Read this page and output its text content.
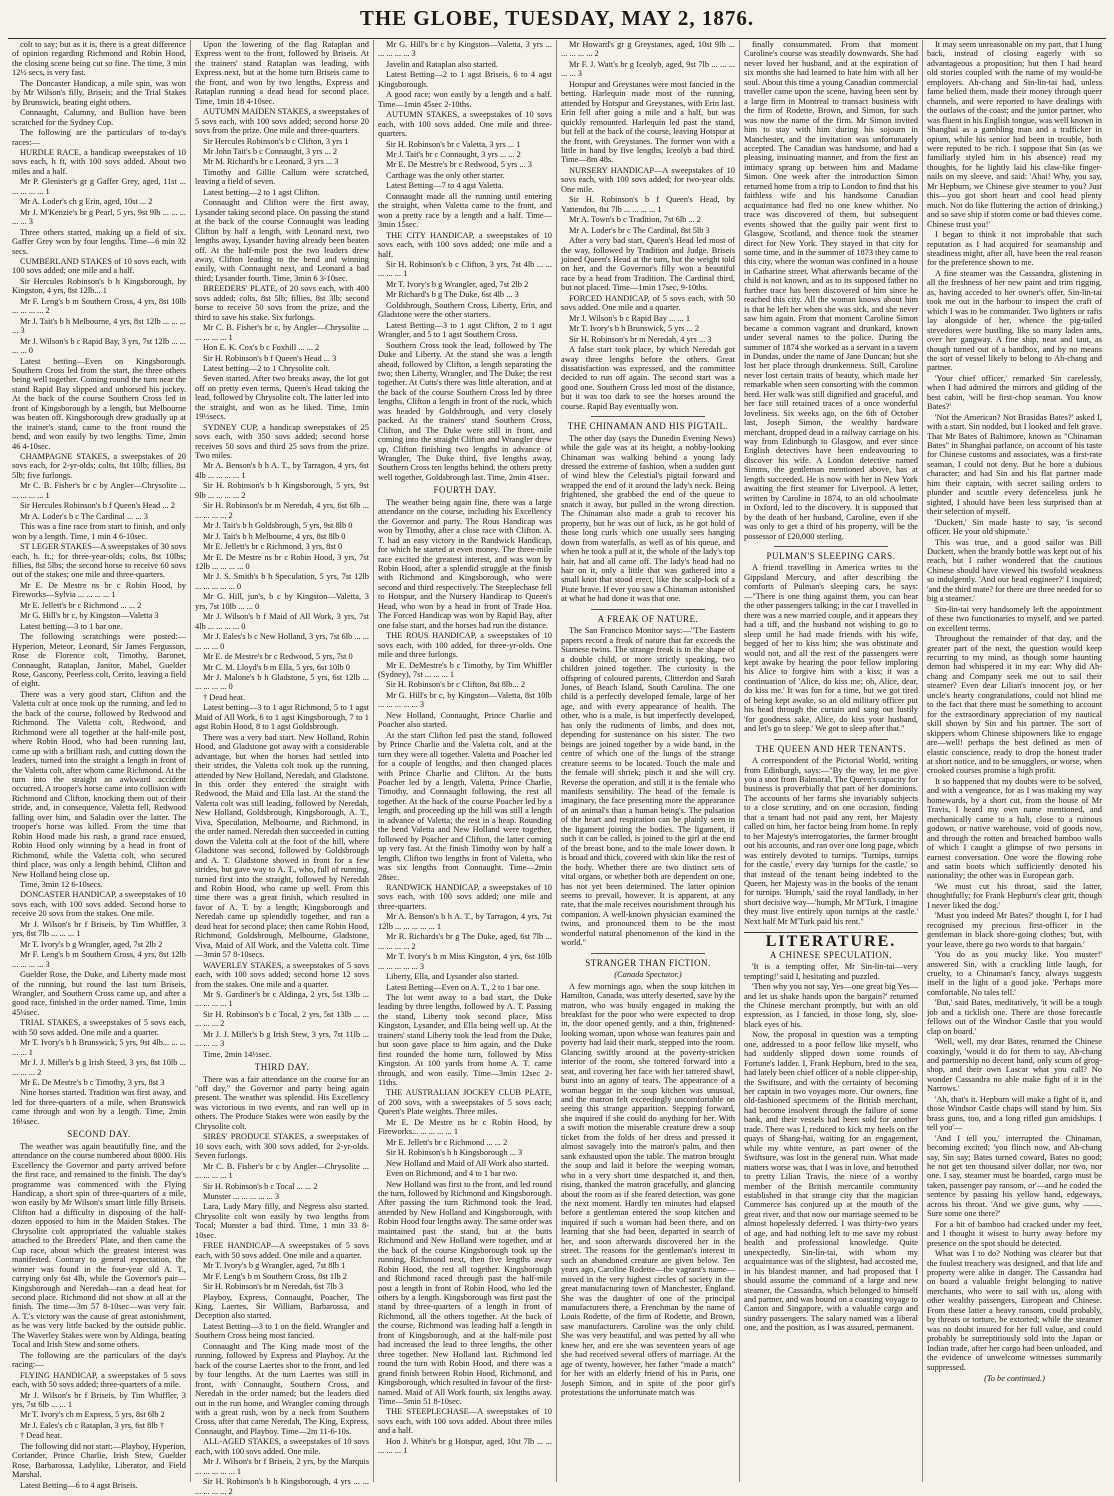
THE GLOBE, TUESDAY, MAY 2, 1876.

colt to say; but as it is, there is a great difference of opinion regarding Richmond and Robin Hood, the closing scene being cut so fine. The time, 3 min 12½ secs, is very fast.

The Doncaster Handicap, a mile spin, was won by Mr Wilson's filly, Briseis; and the Trial Stakes by Brunswick, beating eight others.

Connaught, Calumny, and Bullion have been scratched for the Sydney Cup.

The following are the particulars of to-day's races:—

HURDLE RACE, a handicap sweepstakes of 10 sovs each, h ft, with 100 sovs added. About two miles and a half.

Mr P. Glenister's gr g Gaffer Grey, aged, 11st ... ... ... ... ... 1

Mr A. Loder's ch g Erin, aged, 10st ... 2

Mr J. M'Kenzie's br g Pearl, 5 yrs, 9st 9lb ... ... ... ... ... 3

Three others started, making up a field of six. Gaffer Grey won by four lengths. Time—6 min 32 secs.

CUMBERLAND STAKES of 10 sovs each, with 100 sovs added; one mile and a half.

Sir Hercules Robinson's b h Kingsborough, by Kingston, 4 yrs, 8st 12lb... 1

Mr F. Leng's b m Southern Cross, 4 yrs, 8st 10lb ... ... ... ... 2

Mr J. Tait's b h Melbourne, 4 yrs, 8st 12lb ... ... ... ... 3

Mr J. Wilson's b c Rapid Bay, 3 yrs, 7st 12lb ... ... ... ... 0

Latest betting—Even on Kingsborough. Southern Cross led from the start, the three others being well together. Coming round the turn near the stand Rapid Bay slipped and unhorsed his jockey. At the back of the course Southern Cross led in front of Kingsborough by a length, but Melbourne was beaten off. Kingsborough drew gradually up at the trainer's stand, came to the front round the bend, and won easily by two lengths. Time, 2min 46 4-10sec.

CHAMPAGNE STAKES, a sweepstakes of 20 sovs each, for 2-yr-olds; colts, 8st 10lb; fillies, 8st 5lb; five furlongs.

Mr C. B. Fisher's br c by Angler—Chrysolite ... ... ... ... ... 1

Sir Hercules Robinson's b f Queen's Head ... 2

Mr A. Loder's b c The Cardinal ... ... 3

This was a fine race from start to finish, and only won by a length. Time, 1 min 4 6-10sec.

ST LEGER STAKES—A sweepstakes of 30 sovs each, h. ft.; for three-year-olds; colts, 8st 10lbs; fillies, 8st 5lbs; the second horse to receive 60 sovs out of the stakes; one mile and three-quarters.

Mr E. De Mestre ns br c Robin Hood, by Fireworks—Sylvia ... ... ... ... 1

Mr E. Jellett's br c Richmond ... ... 2

Mr G. Hill's br c, by Kingston—Valetta 3

Latest betting—3 to 1 bar one.

The following scratchings were posted:—Hyperion, Meteor, Leonard, Sir James Fergusson, Rose de Florence colt, Timothy, Baronet, Connaught, Rataplan, Janitor, Mabel, Guelder Rose, Gascony, Peerless colt, Cerito, leaving a field of eight.

There was a very good start, Clifton and the Valetta colt at once took up the running, and led to the back of the course, followed by Redwood and Richmond. The Valetta colt, Redwood, and Richmond were all together at the half-mile post, where Robin Hood, who had been running last, came up with a brilliant rush, and cutting down the leaders, turned into the straight a length in front of the Valetta colt, after whom came Richmond. At the turn into the straight an awkward accident occurred. A trooper's horse came into collision with Richmond and Clifton, knocking them out of their stride, and, in consequence, Valetta fell, Redwood falling over him, and Saladin over the latter. The trooper's horse was killed. From the time that Robin Hood made his rush, a grand race ensued, Robin Hood only winning by a head in front of Richmond, while the Valetta colt, who secured third place, was only a length behind, Clifton and New Holland being close up.

Time, 3min 12 6-10secs.

DONCASTER HANDICAP, a sweepstakes of 10 sovs each, with 100 sovs added. Second horse to receive 20 sovs from the stakes. One mile.

Mr J. Wilson's br f Briseis, by Tim Whiffler, 3 yrs, 8st 7lb ... ... ... 1

Mr T. Ivory's b g Wrangler, aged, 7st 2lb 2

Mr F. Leng's b m Southern Cross, 4 yrs, 8st 12lb ... ... ... ... 3

Guelder Rose, the Duke, and Liberty made most of the running, but round the last turn Briseis, Wrangler, and Southern Cross came up, and after a good race, finished in the order named. Time, 1min 45¼sec.

TRIAL STAKES, a sweepstakes of 5 sovs each, with 50 sovs added. One mile and a quarter.

Mr T. Ivory's b h Brunswick, 5 yrs, 9st 4lb... ... ... ... ... 1

Mr J. J. Miller's b g Irish Steed, 3 yrs, 8st 10lb ... ... ... ... 2

Mr E. De Mestre's b c Timothy, 3 yrs, 8st 3

Nine horses started. Tradition was first away, and led for three-quarters of a mile, when Brunswick came through and won by a length. Time, 2min 16¼sec.

SECOND DAY.

The weather was again beautifully fine, and the attendance on the course numbered about 8000. His Excellency the Governor and party arrived before the first race, and remained to the finish. The day's programme was commenced with the Flying Handicap, a short spin of three-quarters of a mile, won easily by Mr Wilson's smart little filly Briseis. Clifton had a difficulty in disposing of the half-dozen opposed to him in the Maiden Stakes. The Chrysolite colt appropriated the valuable stakes attached to the Breeders' Plate, and then came the Cup race, about which the greatest interest was manifested. Contrary to general expectation, the winner was found in the four-year old A. T., carrying only 6st 4lb, while the Governor's pair—Kingsborough and Neredah—ran a dead heat for second place. Richmond did not show at all at the finish. The time—3m 57 8-10sec—was very fair. A. T.'s victory was the cause of great astonishment, as he was very little backed by the outside public. The Waverley Stakes were won by Aldinga, beating Tocal and Irish Stew and some others.

The following are the particulars of the day's racing:—

FLYING HANDICAP, a sweepstakes of 5 sovs each, with 50 sovs added; three-quarters of a mile.

Mr J. Wilson's br f Briseis, by Tim Whiffler, 3 yrs, 7st 6lb ... ... 1

Mr T. Ivory's ch m Express, 5 yrs, 8st 6lb 2

Mr J. Eales's ch c Rataplan, 3 yrs, 6st 8lb †

† Dead heat.

The following did not start:—Playboy, Hyperion, Coriander, Prince Charlie, Irish Stew, Guelder Rose, Barbarossa, Ladylike, Liberator, and Field Marshal.

Latest Betting—6 to 4 agst Briseis.

Upon the lowering of the flag Rataplan and Express went to the front, followed by Briseis. At the trainers' stand Rataplan was leading, with Express next, but at the home turn Briseis came to the front, and won by two lengths, Express and Rataplan running a dead head for second place. Time, 1min 18 4-10sec.

AUTUMN MAIDEN STAKES, a sweepstakes of 5 sovs each, with 100 sovs added; second horse 20 sovs from the prize. One mile and three-quarters.

Sir Hercules Robinson's b c Clifton, 3 yrs 1

Mr John Tait's b c Connaught, 3 yrs ... 2

Mr M. Richard's br c Leonard, 3 yrs ... 3

Timothy and Gillie Callum were scratched, leaving a field of seven.

Latest betting—2 to 1 agst Clifton.

Connaught and Clifton were the first away, Lysander taking second place. On passing the stand at the back of the course Connaught was leading Clifton by half a length, with Leonard next, two lengths away, Lysander having already been beaten off. At the half-mile post the two leaders drew away, Clifton leading to the bend and winning easily, with Connaught next, and Leonard a bad third; Lysander fourth. Time, 3min 6 3-10sec.

BREEDERS' PLATE, of 20 sovs each, with 400 sovs added; colts, 8st 5lb; fillies, 8st 3lb; second horse to receive 50 sovs from the prize, and the third to save his stake. Six furlongs.

Mr C. B. Fisher's br c, by Angler—Chrysolite ... ... ... ... ... 1

Hon E. K. Cox's b c Foxhill ... ... 2

Sir H. Robinson's b f Queen's Head ... 3

Latest betting—2 to 1 Chrysolite colt.

Seven started. After two breaks away, the lot got off on pretty even terms, Queen's Head taking the lead, followed by Chrysolite colt. The latter led into the straight, and won as he liked. Time, 1min 19½secs.

SYDNEY CUP, a handicap sweepstakes of 25 sovs each, with 350 sovs added; second horse receives 50 sovs and third 25 sovs from the prize. Two miles.

Mr A. Benson's b h A. T., by Tarragon, 4 yrs, 6st 4lb ... ... ... ... 1

Sir H. Robinson's b h Kingsborough, 5 yrs, 9st 9lb ... ... ... ... 2

Sir H. Robinson's br m Neredah, 4 yrs, 6st 6lb ... ... ... ... ... 2

Mr J. Tait's b h Goldsbrough, 5 yrs, 9st 8lb 0

Mr J. Tait's b h Melbourne, 4 yrs, 8st 8lb 0

Mr E. Jellett's br c Richmond, 3 yrs, 8st 0

Mr E. De Mestre ns br c Robin Hood, 3 yrs, 7st 12lb ... ... ... ... 0

Mr J. S. Smith's b h Speculation, 5 yrs, 7st 12lb ... ... ... ... ... 0

Mr G. Hill, jun's, b c by Kingston—Valetta, 3 yrs, 7st 10lb ... ... 0

Mr J. Wilson's b f Maid of All Work, 3 yrs, 7st 4lb ... ... ... ... 0

Mr J. Eales's b c New Holland, 3 yrs, 7st 6lb ... ... ... ... ... 0

Mr E. de Mestre's br c Redwood, 5 yrs, 7st 0

Mr C. M. Lloyd's b m Ella, 5 yrs, 6st 10lb 0

Mr J. Malone's b h Gladstone, 5 yrs, 6st 12lb ... ... ... ... ... 0

† Dead heat.

Latest betting—3 to 1 agst Richmond, 5 to 1 agst Maid of All Work, 6 to 1 agst Kingsborough, 7 to 1 agst Robin Hood, 8 to 1 agst Goldsbrough.

There was a very bad start. New Holland, Robin Hood, and Gladstone got away with a considerable advantage, but when the horses had settled into their strides, the Valetta colt took up the running, attended by New Holland, Neredah, and Gladstone. In this order they entered the straight with Redwood, the Maid and Ella last. At the stand the Valetta colt was still leading, followed by Neredah, New Holland, Goldsbrough, Kingsborough, A. T., Viva, Speculation, Melbourne, and Richmond, in the order named. Neredah then succeeded in cutting down the Valetta colt at the foot of the hill, where Gladstone was second, followed by Goldsbrough and A. T. Gladstone showed in front for a few strides, but gave way to A. T., who, full of running, turned first into the straight, followed by Neredah and Robin Hood, who came up well. From this time there was a great finish, which resulted in favor of A. T. by a length; Kingsborough and Neredah came up splendidly together, and ran a dead heat for second place; then came Robin Hood, Richmond, Goldsbrough, Melbourne, Gladstone, Viva, Maid of All Work, and the Valetta colt. Time—3min 57 8-10secs.

WAVERLEY STAKES, a sweepstakes of 5 sovs each, with 100 sovs added; second horse 12 sovs from the stakes. One mile and a quarter.

Mr S. Gardiner's br c Aldinga, 2 yrs, 5st 13lb ... ... ... ... ... 1

Sir H. Robinson's b c Tocal, 2 yrs, 5st 13lb ... ... ... ... ... 2

Mr J. J. Miller's b g Irish Stew, 3 yrs, 7st 11lb ... ... ... ... 3

Time, 2min 14½sec.

THIRD DAY.

There was a fair attendance on the course for an "off day," the Governor and party being again present. The weather was splendid. His Excellency was victorious in two events, and ran well up in others. The Produce Stakes were won easily by the Chrysolite colt.

SIRES' PRODUCE STAKES, a sweepstakes of 10 sovs each, with 300 sovs added, for 2-yr-olds. Seven furlongs.

Mr C. B. Fisher's br c by Angler—Chrysolite ... ... ... ... ... 1

Sir H. Robinson's b c Tocal ... ... 2

Munster ... ... ... ... ... 3

Lara, Lady Mary filly, and Negress also started. Chrysolite colt won easily by two lengths from Tocal; Munster a bad third. Time, 1 min 33 8-10sec.

FREE HANDICAP—A sweepstakes of 5 sovs each, with 50 sovs added. One mile and a quarter.

Mr T. Ivory's b g Wrangler, aged, 7st 8lb 1

Mr F. Leng's b m Southern Cross, 8st 1lb 2

Sir H. Robinson's br m Neredah, 6st 7lb 3

Playboy, Express, Connaught, Poacher, The King, Laertes, Sir William, Barbarossa, and Deception also started.

Latest Betting—3 to 1 on the field. Wrangler and Southern Cross being most fancied.

Connaught and The King made most of the running, followed by Express and Playboy. At the back of the course Laertes shot to the front, and led by four lengths. At the turn Laertes was still in front, with Connaught, Southern Cross, and Neredah in the order named; but the leaders died out in the run home, and Wrangler coming through with a great rush, won by a neck from Southern Cross, after that came Neredah, The King, Express, Connaught, and Playboy. Time—2m 11-6-10s.

ALL-AGED STAKES, a sweepstakes of 10 sovs each, with 100 sovs added. One mile.

Mr J. Wilson's br f Briseis, 2 yrs, by the Marquis ... ... ... ... ... 1

Sir H. Robinson's b h Kingsborough, 4 yrs ... ... ... ... ... ... 2

Mr G. Hill's br c by Kingston—Valetta, 3 yrs ... ... ... ... ... 3

Javelin and Rataplan also started.

Latest Betting—2 to 1 agst Briseis, 6 to 4 agst Kingsborough.

A good race; won easily by a length and a half. Time—1min 45sec 2-10ths.

AUTUMN STAKES, a sweepstakes of 10 sovs each, with 100 sovs added. One mile and three-quarters.

Sir H. Robinson's br c Valetta, 3 yrs ... 1

Mr J. Tait's br c Connaught, 3 yrs ... ... 2

Mr E. De Mestre's br c Redwood, 5 yrs ... 3

Carthage was the only other starter.

Latest Betting—7 to 4 agst Valetta.

Connaught made all the running until entering the straight, when Valetta came to the front, and won a pretty race by a length and a half. Time—3min 15sec.

THE CITY HANDICAP, a sweepstakes of 10 sovs each, with 100 sovs added; one mile and a half.

Sir H. Robinson's b c Clifton, 3 yrs, 7st 4lb ... ... ... ... ... 1

Mr T. Ivory's b g Wrangler, aged, 7st 2lb 2

Mr Richard's b g The Duke, 6st 4lb ... 3

Goldsbrough, Southern Cross, Liberty, Erin, and Gladstone were the other starters.

Latest Betting—3 to 1 agst Clifton, 2 to 1 agst Wrangler, and 5 to 1 agst Southern Cross.

Southern Cross took the lead, followed by The Duke and Liberty. At the stand she was a length ahead, followed by Clifton, a length separating the two; then Liberty, Wrangler, and The Duke; the rest together. At Cutts's there was little alteration, and at the back of the course Southern Cross led by three lengths, Clifton a length in front of the ruck, which was headed by Goldsbrough, and very closely packed. At the trainers' stand Southern Cross, Clifton, and The Duke were still in front, and coming into the straight Clifton and Wrangler drew up, Clifton finishing two lengths in advance of Wrangler, The Duke third, five lengths away, Southern Cross ten lengths behind, the others pretty well together, Goldsbrough last. Time, 2min 41sec.

FOURTH DAY.

The weather being again fine, there was a large attendance on the course, including his Excellency the Governor and party. The Rous Handicap was won by Timothy, after a close race with Clifton. A. T. had an easy victory in the Randwick Handicap, for which he started at even money. The three-mile race excited the greatest interest, and was won by Robin Hood, after a splendid struggle at the finish with Richmond and Kingsborough, who were second and third respectively. The Steeplechase fell to Hotspur, and the Nursery Handicap to Queen's Head, who won by a head in front of Trade Hoa. The Forced Handicap was won by Rapid Bay, after one false start, and the horses had run the distance.

THE ROUS HANDICAP, a sweepstakes of 10 sovs each, with 100 added, for three-yr-olds. One mile and three furlongs.

Mr E. DeMestre's b c Timothy, by Tim Whiffler (Sydney), 7st ... ... ... 1

Sir H. Robinson's br c Clifton, 8st 8lb... 2

Mr G. Hill's br c, by Kingston—Valetta, 8st 10lb ... ... ... ... ... 3

New Holland, Connaught, Prince Charlie and Poacher also started.

At the start Clifton led past the stand, followed by Prince Charlie and the Valetta colt, and at the turn they were all together. Valetta and Poacher led for a couple of lengths, and then changed places with Prince Charlie and Clifton. At the butts Poacher led by a length, Valetta, Prince Charlie, Timothy, and Connaught following, the rest all together. At the back of the course Poacher led by a length, and proceeding up the hill was still a length in advance of Valetta; the rest in a heap. Rounding the bend Valetta and New Holland were together, followed by Poacher and Clifton, the latter coming up very fast. At the finish Timothy won by half a length, Clifton two lengths in front of Valetta, who was six lengths from Connaught. Time—2min 28sec.

RANDWICK HANDICAP, a sweepstakes of 10 sovs each, with 100 sovs added; one mile and three-quarters.

Mr A. Benson's b h A. T., by Tarragon, 4 yrs, 7st 12lb ... ... ... ... ... 1

Mr R. Richards's br g The Duke, aged, 6st 7lb ... ... ... ... ... 2

Mr T. Ivory's b m Miss Kingston, 4 yrs, 6st 10lb ... ... ... ... ... 3

Liberty, Ella, and Lysander also started.

Latest Betting—Even on A. T., 2 to 1 bar one.

The lot went away to a bad start, the Duke leading by three lengths, followed by A. T. Passing the stand, Liberty took second place, Miss Kingston, Lysander, and Ella being well up. At the trainers' stand Liberty took the lead from the Duke, but soon gave place to him again, and the Duke first rounded the home turn, followed by Miss Kingston. At 100 yards from home A. T. came through, and won easily. Time—3min 12sec 2-11ths.

THE AUSTRALIAN JOCKEY CLUB PLATE, of 200 sovs, with a sweepstakes of 5 sovs each; Queen's Plate weights. Three miles.

Mr E. De Mestre ns br c Robin Hood, by Fireworks... ... ... ... ... 1

Mr E. Jellett's br c Richmond ... ... 2

Sir H. Robinson's b h Kingsborough ... 3

New Holland and Maid of All Work also started.

Even on Richmond, and 4 to 1 bar two.

New Holland was first to the front, and led round the turn, followed by Richmond and Kingsborough. After passing the turn Richmond took the lead, attended by New Holland and Kingsborough, with Robin Hood four lengths away. The same order was maintained past the stand, but at the butts Richmond and New Holland were together, and at the back of the course Kingsborough took up the running, Richmond next, then five lengths away Robin Hood, the rest all together. Kingsborough and Richmond raced through past the half-mile post a length in front of Robin Hood, who led the others by a length. Kingsborough was first past the stand by three-quarters of a length in front of Richmond, all the others together. At the back of the course, Richmond was leading half a length in front of Kingsborough, and at the half-mile post had increased the lead to three lengths, the other three together. New Holland last. Richmond led round the turn with Robin Hood, and there was a grand finish between Robin Hood, Richmond, and Kingsborough, which resulted in favour of the first-named. Maid of All Work fourth, six lengths away. Time—5min 51 8-10sec.

THE STEEPLECHASE—A sweepstakes of 10 sovs each, with 100 sovs added. About three miles and a half.

Hon J. White's br g Hotspur, aged, 10st 7lb ... ... ... ... ... 1

Mr Howard's gr g Greystanes, aged, 10st 9lb ... ... ... ... ... 2

Mr F. J. Watt's br g Iceolyb, aged, 9st 7lb ... ... ... ... ... 3

Hotspur and Greystanes were most fancied in the betting. Harlequin made most of the running, attended by Hotspur and Greystanes, with Erin last. Erin fell after going a mile and a half, but was quickly remounted. Harlequin led past the stand, but fell at the back of the course, leaving Hotspur at the front, with Greystanes. The former won with a little in hand by five lengths, Iceolyb a bad third. Time—8m 48s.

NURSERY HANDICAP—A sweepstakes of 10 sovs each, with 100 sovs added; for two-year olds. One mile.

Sir H. Robinson's b f Queen's Head, by Yattendon, 8st 7lb ... ... ... ... 1

Mr A. Town's b c Tradition, 7st 6lb ... 2

Mr A. Loder's br c The Cardinal, 8st 5lb 3

After a very bad start, Queen's Head led most of the way, followed by Tradition and Judge. Briseis joined Queen's Head at the turn, but the weight told on her, and the Governor's filly won a beautiful race by a head from Tradition. The Cardinal third, but not placed. Time—1min 17sec, 9-10ths.

FORCED HANDICAP, of 5 sovs each, with 50 sovs added. One mile and a quarter.

Mr J. Wilson's b c Rapid Bay ... ... 1

Mr T. Ivory's b h Brunswick, 5 yrs ... 2

Sir H. Robinson's br m Neredah, 4 yrs ... 3

A false start took place, by which Neredah got away three lengths before the others. Great dissatisfaction was expressed, and the committee decided to run off again. The second start was a good one. Southern Cross led most of the distance, but it was too dark to see the horses around the course. Rapid Bay eventually won.

THE CHINAMAN AND HIS PIGTAIL.

The other day (says the Dunedin Evening News) while the gale was at its height, a nobby-looking Chinaman was walking behind a young lady dressed the extreme of fashion, when a sudden gust of wind blew the Celestial's pigtail forward and wrapped the end of it around the lady's neck. Being frightened, she grabbed the end of the queue to snatch it away, but pulled in the wrong direction. The Chinaman also made a grab to recover his property, but he was out of luck, as he got hold of those long curls which one usually sees hanging down from waterfalls, as well as of his queue, and when he took a pull at it, the whole of the lady's top hair, hat and all came off. The lady's head had no hair on it, only a little that was gathered into a small knot that stood erect, like the scalp-lock of a Piute brave. If ever you saw a Chinaman astonished at what he had done it was that one.

A FREAK OF NATURE.

The San Francisco Monitor says:—"The Eastern papers record a freak of nature that far exceeds the Siamese twins. The strange freak is in the shape of a double child, or more strictly speaking, two children joined together. The curiosity is the offspring of coloured parents, Clitterdon and Sarah Jones, of Beach Island, South Carolina. The one child is a perfectly developed female, large of her age, and with every appearance of health. The other, who is a male, is but imperfectly developed, has only the rudiments of limbs, and does not, depending for sustenance on his sister. The two beings are joined together by a wide band, in the centre of which one of the lungs of the strange creature seems to be located. Touch the male and the female will shriek; pinch it and she will cry. Reverse the operation, and still it is the female who manifests sensibility. The head of the female is imaginary, the face presenting more the appearance of an animal's than a human being's. The pulsation of the heart and respiration can be plainly seen in the ligament joining the bodies. The ligament, if such it can be called, is joined to the girl at the end of the breast bone, and to the male lower down. It is broad and thick, covered with skin like the rest of the body. Whether there are two distinct sets of vital organs, or whether both are dependent on one, has not yet been determined. The latter opinion seems to prevail, however. It is apparent, at any rate, that the male receives nourishment through his companion. A well-known physician examined the twins, and pronounced them to be the most wonderful natural phenomenon of the kind in the world."

STRANGER THAN FICTION.

(Canada Spectator.)

A few mornings ago, when the soup kitchen in Hamilton, Canada, was utterly deserted, save by the matron, who was busily engaged in making the breakfast for the poor who were expected to drop in, the door opened gently, and a thin, frightened-looking woman, upon whose wan features pain and poverty had laid their mark, stepped into the room. Glancing swiftly around at the poverty-stricken interior of the room, she tottered forward into a seat, and covering her face with her tattered shawl, burst into an agony of tears. The appearance of a woman beggar in the soup kitchen was unusual, and the matron felt exceedingly uncomfortable on seeing this strange apparition. Stepping forward, she inquired if she could do anything for her. With a swift motion the miserable creature drew a soup ticket from the folds of her dress and pressed it almost savagely into the matron's palm, and then sank exhausted upon the table. The matron brought the soup and laid it before the weeping woman, who in a very short time despatched it, and then, rising, thanked the matron gracefully, and glancing about the room as if she feared detection, was gone the next moment. Hardly ten minutes had elapsed before a gentleman entered the soup kitchen and inquired if such a woman had been there, and on learning that she had been, departed in search of her, and soon afterwards discovered her in the street. The reasons for the gentleman's interest in such an abandoned creature are given below. Ten years ago, Caroline Rodette—the vagrant's name—moved in the very highest circles of society in the great manufacturing town of Manchester, England. She was the daughter of one of the principal manufacturers there, a Frenchman by the name of Louis Rodette, of the firm of Rodette, and Brown, saw manufacturers. Caroline was the only child. She was very beautiful, and was petted by all who knew her, and ere she was seventeen years of age she had received several offers of marriage. At the age of twenty, however, her father "made a match" for her with an elderly friend of his in Paris, one Joseph Simon, and in spite of the poor girl's protestations the unfortunate match was

finally consummated. From that moment Caroline's course was steadily downwards. She had never loved her husband, and at the expiration of six months she had learned to hate him with all her soul. About this time a young Canadian commercial traveller came upon the scene, having been sent by a large firm in Montreal to transact business with the firm of Rodette, Brown, and Simon, for such was now the name of the firm. Mr Simon invited him to stay with him during his sojourn in Manchester, and the invitation was unfortunately accepted. The Canadian was handsome, and had a pleasing, insinuating manner, and from the first an intimacy sprang up between him and Madame Simon. One week after the introduction Simon returned home from a trip to London to find that his faithless wife and his handsome Canadian acquaintance had fled no one knew whither. No trace was discovered of them, but subsequent events showed that the guilty pair went first to Glasgow, Scotland, and thence took the steamer direct for New York. They stayed in that city for some time, and in the summer of 1873 they came to this city, where the woman was confined in a house in Catharine street. What afterwards became of the child is not known, and as to its supposed father no further trace has been discovered of him since he reached this city. All the woman knows about him is that he left her when she was sick, and she never saw him again. From that moment Caroline Simon became a common vagrant and drunkard, known under several names to the police. During the summer of 1874 she worked as a servant in a tavern in Dundas, under the name of Jane Duncan; but she lost her place through drunkenness. Still, Caroline never lost certain traits of beauty, which made her remarkable when seen consorting with the common herd. Her walk was still dignified and graceful, and her face still retained traces of a once wonderful loveliness. Six weeks ago, on the 6th of October last, Joseph Simon, the wealthy hardware merchant, dropped dead in a railway carriage on his way from Edinburgh to Glasgow, and ever since English detectives have been endeavouring to discover his wife. A London detective named Simms, the gentleman mentioned above, has at length succeeded. He is now with her in New York awaiting the first steamer for Liverpool. A letter, written by Caroline in 1874, to an old schoolmate in Oxford, led to the discovery. It is supposed that by the death of her husband, Caroline, even if she was only to get a third of his property, will be the possessor of £20,000 sterling.

PULMAN'S SLEEPING CARS.

A friend travelling in America writes to the Gippsland Mercury, and after describing the comforts of Pulman's sleeping cars, he says:—"There is one thing against them, you can hear the other passengers talking; in the car I travelled in there was a new married couple, and it appears they had a tiff, and the husband not wishing to go to sleep until he had made friends with his wife, begged of her to kiss him; she was obstinate and would not, and all the rest of the passengers were kept awake by hearing the poor fellow imploring his Alice to forgive him with a kiss; it was a continuation of 'Alice, do kiss me; oh, Alice, dear, do kiss me.' It was fun for a time, but we got tired of being kept awake, so an old military officer put his head through the curtain and sang out lustily 'for goodness sake, Alice, do kiss your husband, and let's go to sleep.' We got to sleep after that."

THE QUEEN AND HER TENANTS.

A correspondent of the Pictorial World, writing from Edinburgh, says:—"By the way, let me give you a snot from Balmoral. The Queen's capacity for business is proverbially that part of her dominions. The accounts of her farms she invariably subjects to a close scrutiny, and on one occasion, finding that a tenant had not paid any rent, her Majesty called on him, her factor being from home. In reply to her Majesty's interrogatories, the farmer brought out his accounts, and ran over one long page, which was entirely devoted to turnips. 'Turnips, turnips for the castle,' every day 'turnips for the castle,' so that instead of the tenant being indebted to the Queen, her Majesty was in the books of the tenant for turnips. 'Humph,' said the royal landlady, in her short decisive way—'humph, Mr M'Turk, I imagine they must live entirely upon turnips at the castle.' Next half Mr M'Turk paid his rent."

LITERATURE.

A CHINESE SPECULATION.

'It is a tempting offer, Mr Sin-lin-tai—very tempting!' said I, hesitating and puzzled.

'Then why you not say, Yes—one great big Yes—and let us shake hands upon the bargain?' returned the Chinese merchant promptly, but with an old expression, as I fancied, in those long, sly, sloe-black eyes of his.

Now, the proposal in question was a tempting one, addressed to a poor fellow like myself, who had suddenly slipped down some rounds of Fortune's ladder. I, Frank Hepburn, bred to the sea, had lately been chief officer of a noble clipper-ship, the Swiftsure, and with the certainty of becoming her captain in two voyages more. Our owners, fine old-fashioned specimens of the British merchant, had become insolvent through the failure of some bank, and their vessels had been sold for another trade. There was I, reduced to kick my heels on the quays of Shang-hai, waiting for an engagement, while my white venture, as part owner of the Swiftsure, was lost in the general ruin. What made matters worse was, that I was in love, and betrothed to pretty Lilian Travis, the niece of a worthy member of the British mercantile community established in that strange city that the magician Commerce has conjured up at the mouth of the great river, and that now our marriage seemed to be almost hopelessly deferred. I was thirty-two years of age, and had nothing left to me save my robust health and professional knowledge. Quite unexpectedly, Sin-lin-tai, with whom my acquaintance was of the slightest, had accosted me, in his blandest manner, and had proposed that I should assume the command of a large and new steamer, the Cassandra, which belonged to himself and partner, and was bound on a coasting voyage to Canton and Singapore, with a valuable cargo and sundry passengers. The salary named was a liberal one, and the position, as I was assured, permanent.

It may seem unreasonable on my part, that I hung back, instead of closing eagerly with so advantageous a proposition; but then I had heard old stories coupled with the name of my would-be employers. Ah-chang and Sin-lin-tai had, unless fame belied them, made their money through queer channels, and were reported to have dealings with the outlaws of the coast; and the junior partner, who was fluent in his English tongue, was well known in Shanghai as a gambling man and a trafficker in opium, while his senior had been in trouble, both were reputed to be rich. I suppose that Sin (as we familiarly styled him in his absence) read my thoughts, for he lightly laid his claw-like finger-nails on my sleeve, and said: 'Ahai! Why, you say, Mr Hepburn, we Chinese give steamer to you? Just this—you got short heart and cool head plenty much. Not do like fluttering the action of drinking,) and so save ship if storm come or bad thieves come. Chinese trust you!'

I began to think it not improbable that such reputation as I had acquired for seamanship and steadiness might, after all, have been the real reason for the preference shown to me.

A fine steamer was the Cassandra, glistening in all the freshness of her new paint and trim rigging, as, having acceded to her owner's offer, Sin-lin-tai took me out in the harbour to inspect the craft of which I was to be commander. Two lighters or rafts lay alongside of her, whence the pig-tailed stevedores were bustling, like so many laden ants, over her gangway. A fine ship, neat and taut, as though turned out of a bandbox, and by no means the sort of vessel likely to belong to Ah-chang and partner.

'Your chief officer,' remarked Sin carelessly, when I had admired the mirrors and gilding of the best cabin, 'will be first-chop seaman. You know Bates?'

'Not the American? Not Brasidas Bates?' asked I, with a start. Sin nodded, but I looked and felt grave. That Mr Bates of Baltimore, known as "Chinaman Bates" in Shanghai parlance, on account of his taste for Chinese customs and associates, was a first-rate seaman, I could not deny. But he bore a dubious character; and had Sin and his flat partner made him their captain, with secret sailing orders to plunder and scuttle every defenceless junk he sighted, I should have been less surprised than at their selection of myself.

'Duckett,' Sin made haste to say, 'is second officer. He your old shipmate.'

This was true, and a good sailor was Bill Duckett, when the brandy bottle was kept out of his reach, but I rather wondered that the cautious Chinese should have viewed his twofold weakness so indulgently. 'And our head engineer?' I inquired; 'and the third mate? for there are three needed for so big a steamer.'

Sin-lin-tai very handsomely left the appointment of these two functionaries to myself, and we parted on excellent terms.

Throughout the remainder of that day, and the greater part of the next, the question would keep recurring to my mind, as though some haunting demon had whispered it in my ear: Why did Ah-chang and Company seek me out to sail their steamer? Even dear Lilian's innocent joy, or her uncle's hearty congratulations, could not blind me to the fact that there must be something to account for the extraordinary appreciation of my nautical skill shown by Sin and his partner. The sort of skippers whom Chinese shipowners like to engage are—well! perhaps the best defined as men of elastic conscience, ready to drop the honest trader at short notice, and to be smugglers, or worse, when crooked courses promise a high profit.

It so happened that my doubts were to be solved, and with a vengeance, for as I was making my way homewards, by a short cut, from the house of Mr Travis, I heard my own name mentioned, and mechanically came to a halt, close to a ruinous godown, or native warehouse, void of goods now, and through the rotten and breached bamboo walls of which I caught a glimpse of two persons in earnest conversation. One wore the flowing robe and satin boots which sufficiently denoted his nationality; the other was in European garb.

'We must cut his throat, said the latter, thoughtfully; for Frank Hepburn's clear grit, though I never liked the dog.'

'Must you indeed Mr Bates?' thought I, for I had recognised my precious first-officer in the gentleman in black shore-going clothes; 'but, with your leave, there go two words to that bargain.'

'You do as you mucky like. You muster!' answered Sin, with a crackling little laugh, for cruelty, to a Chinaman's fancy, always suggests itself in the light of a good joke. 'Perhaps more comfortable. No tales tell.'

'But,' said Bates, meditatively, 'it will be a tough job and a ticklish one. There are those forecastle fellows out of the Windsor Castle that you would clap on board.'

'Well, well, my dear Bates, returned the Chinese coaxingly, 'would it do for them to say, Ah-chang and partnership no decent hand, only scum of grog-shop, and their own Lascar what you call? No wonder Cassandra no able make fight of it in the Narrows.'

'Ah, that's it. Hepburn will make a fight of it, and those Windsor Castle chaps will stand by him. Six brass guns, too, and a long rifled gun amidships. I tell you'—

'And I tell you,' interrupted the Chinaman, becoming excited; 'you flinch now, and Ah-chang say, Sin say; Bates turned coward, Bates no good; he not get ten thousand silver dollar, nor two, nor one. I say, steamer must be boarded, cargo must be taken, passenger pay ransom, or'—and he coded the sentence by passing his yellow hand, edgeways, across his throat. 'And we give guns, why ——. Sure some one there?'

For a bit of bamboo had cracked under my feet, and I thought it wisest to hurry away before my presence on the spot should be detected.

What was I to do? Nothing was clearer but that the foulest treachery was designed, and that life and property were alike in danger. The Cassandra had on board a valuable freight belonging to native merchants, who were to sail with us, along with other wealthy passengers, European and Chinese. From these latter a heavy ransom, could probably, by threats or torture, be extorted; while the steamer was no doubt insured for her full value, and could probably be surreptitiously sold into the Japan or Indian trade, after her cargo had been unloaded, and the evidence of unwelcome witnesses summarily suppressed.

(To be continued.)
